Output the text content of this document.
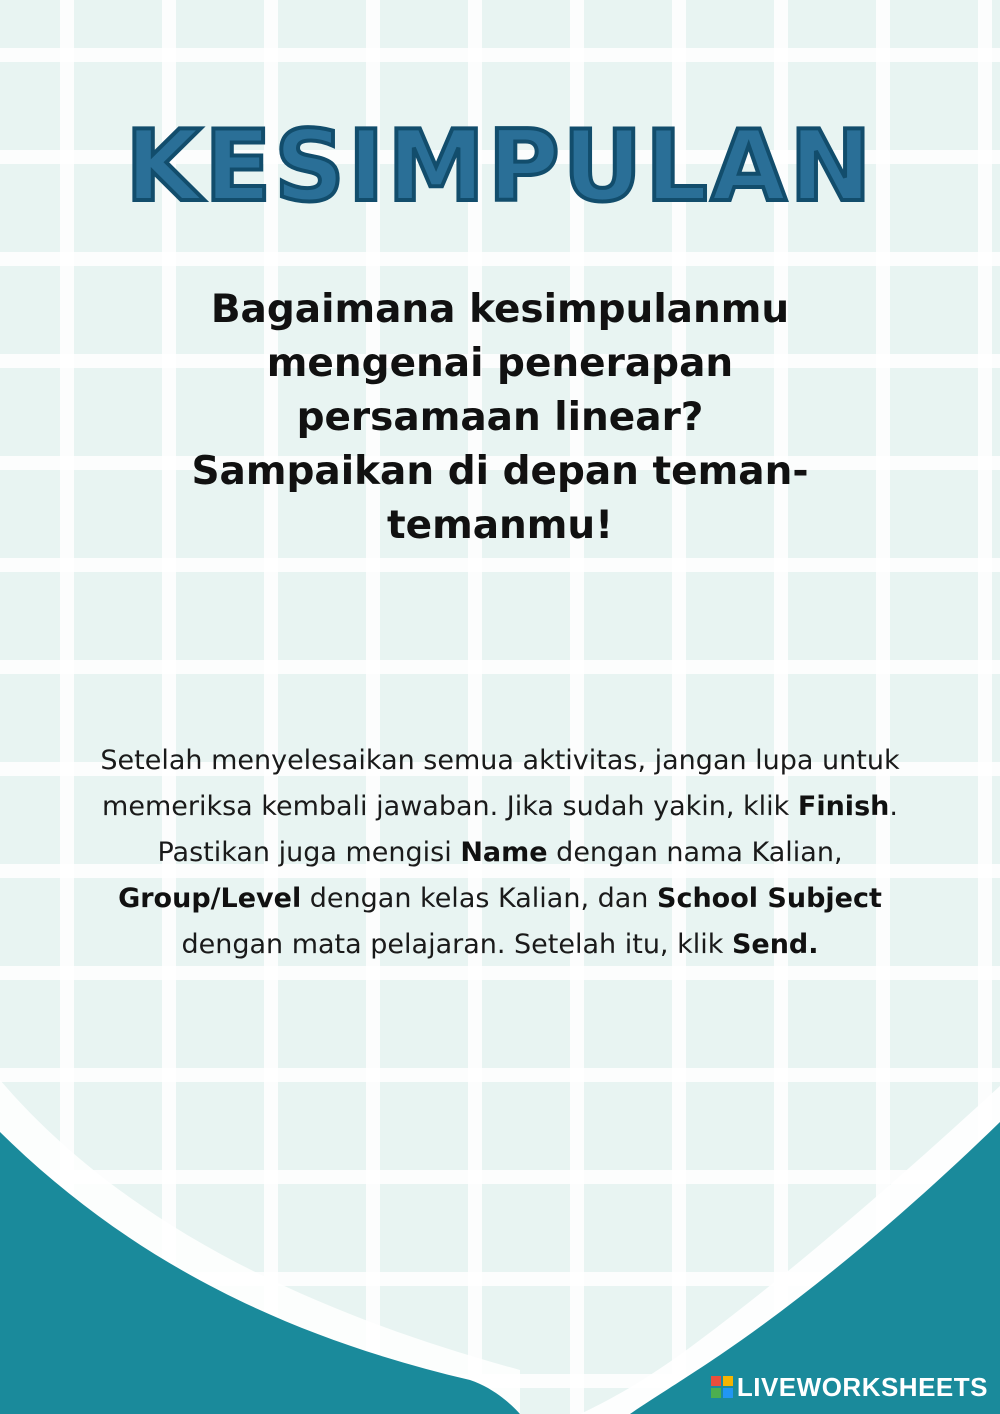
KESIMPULAN
Bagaimana kesimpulanmu
mengenai penerapan
persamaan linear?
Sampaikan di depan teman-
temanmu!
Setelah menyelesaikan semua aktivitas, jangan lupa untuk memeriksa kembali jawaban. Jika sudah yakin, klik Finish. Pastikan juga mengisi Name dengan nama Kalian, Group/Level dengan kelas Kalian, dan School Subject dengan mata pelajaran. Setelah itu, klik Send.
LIVEWORKSHEETS
